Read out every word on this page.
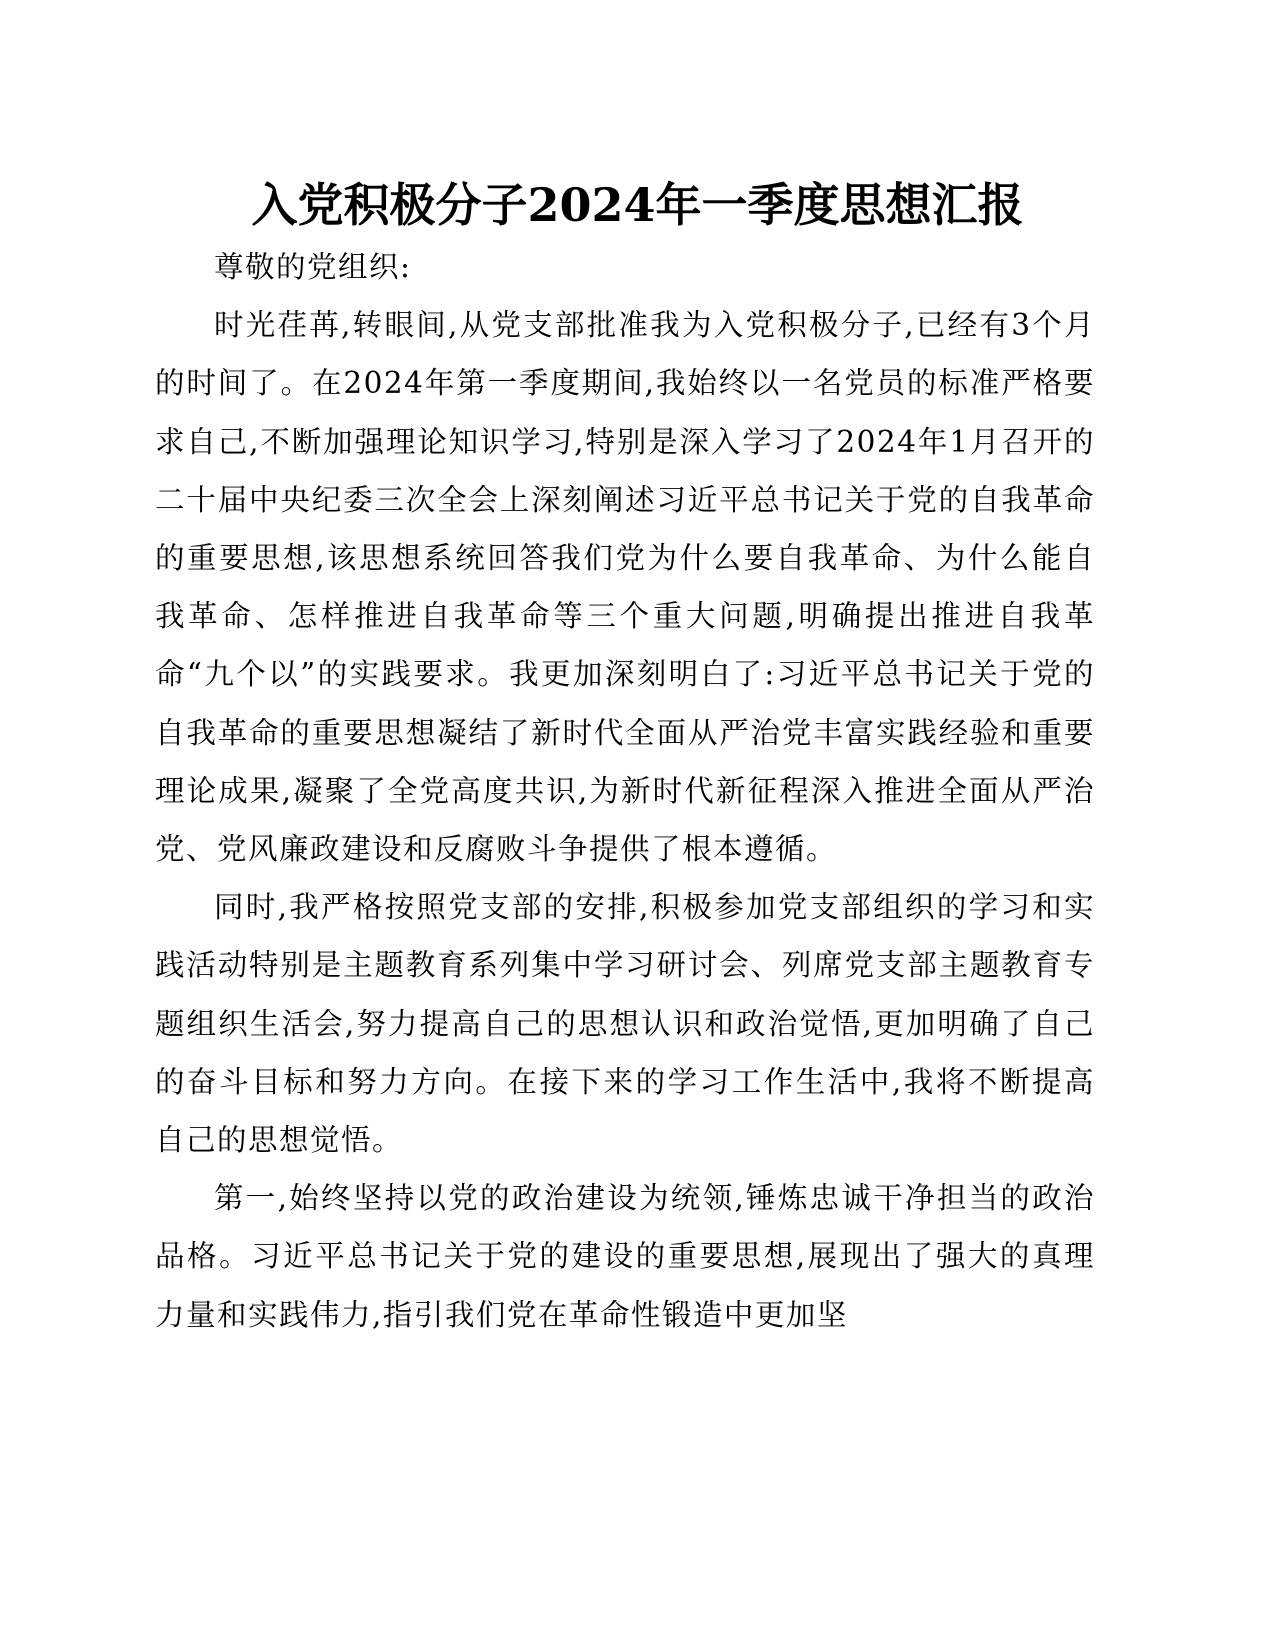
入党积极分子2024年一季度思想汇报

尊敬的党组织:

时光荏苒,转眼间,从党支部批准我为入党积极分子,已经有3个月的时间了。在2024年第一季度期间,我始终以一名党员的标准严格要求自己,不断加强理论知识学习,特别是深入学习了2024年1月召开的二十届中央纪委三次全会上深刻阐述习近平总书记关于党的自我革命的重要思想,该思想系统回答我们党为什么要自我革命、为什么能自我革命、怎样推进自我革命等三个重大问题,明确提出推进自我革命“九个以”的实践要求。我更加深刻明白了:习近平总书记关于党的自我革命的重要思想凝结了新时代全面从严治党丰富实践经验和重要理论成果,凝聚了全党高度共识,为新时代新征程深入推进全面从严治党、党风廉政建设和反腐败斗争提供了根本遵循。

同时,我严格按照党支部的安排,积极参加党支部组织的学习和实践活动特别是主题教育系列集中学习研讨会、列席党支部主题教育专题组织生活会,努力提高自己的思想认识和政治觉悟,更加明确了自己的奋斗目标和努力方向。在接下来的学习工作生活中,我将不断提高自己的思想觉悟。

第一,始终坚持以党的政治建设为统领,锤炼忠诚干净担当的政治品格。习近平总书记关于党的建设的重要思想,展现出了强大的真理力量和实践伟力,指引我们党在革命性锻造中更加坚
